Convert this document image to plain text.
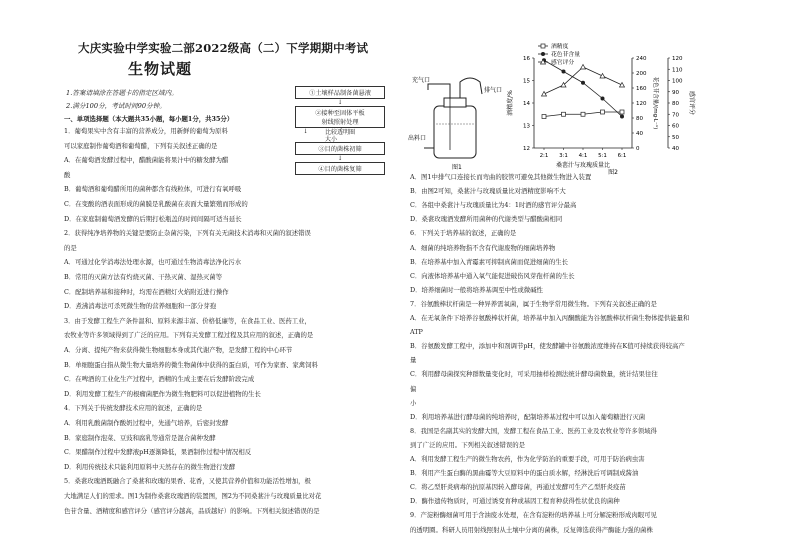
大庆实验中学实验二部2022级高（二）下学期期中考试
生物试题
1.答案请填涂在答题卡的指定区域内。
2.满分100分，考试时间90分钟。
①土壤样品制备菌悬液
↓
②接种至固体平板
射线照射处理
↓	比较透明圈
大小
③目的菌株初筛
↓
④目的菌株复筛
一、单项选择题（本大题共35小题，每小题1分，共35分）
1．葡萄果实中含有丰富的营养成分，用新鲜的葡萄为原料
可以家庭制作葡萄酒和葡萄醋，下列有关叙述正确的是
A．在葡萄酒发酵过程中，醋酸菌能将果汁中的糖发酵为醋
酸
B．葡萄酒和葡萄醋所用的菌种都含有线粒体，可进行有氧呼吸
C．在变酸的酒表面形成的菌膜是乳酸菌在表面大量繁殖而形成的
D．在家庭制葡萄酒发酵的后期打松瓶盖的时间间隔可适当延长
2．获得纯净培养物的关键是要防止杂菌污染，下列有关无菌技术消毒和灭菌的叙述错误
的是
A．可通过化学消毒法处理水源，也可通过生物消毒法净化污水
B．常用的灭菌方法有灼烧灭菌、干热灭菌、湿热灭菌等
C．配制培养基和接种时，均需在酒精灯火焰附近进行操作
D．煮沸消毒法可杀死微生物的营养细胞和一部分芽孢
3．由于发酵工程生产条件温和、原料来源丰富、价格低廉等，在食品工业、医药工业，
农牧业等许多领域得到了广泛的应用。下列有关发酵工程过程及其应用的叙述，正确的是
A．分离、提纯产物来获得微生物细胞本身或其代谢产物，是发酵工程的中心环节
B．单细胞蛋白指从微生物大量培养的微生物菌体中获得的蛋白质，可作为家畜、家禽饲料
C．在啤酒的工业化生产过程中，酒精的生成主要在后发酵阶段完成
D．利用发酵工程生产的根瘤菌肥作为微生物肥料可以促进植物的生长
4．下列关于传统发酵技术应用的叙述，正确的是
A．利用乳酸菌制作酸奶过程中，先通气培养，后密封发酵
B．家庭制作泡菜、豆豉和腐乳等通常是混合菌种发酵
C．果醋制作过程中发酵液pH逐渐降低，果酒制作过程中情况相反
D．利用传统技术只能利用原料中天然存在的微生物进行发酵
5．桑葚玫瑰酒既融合了桑葚和玫瑰的果香、花香，又使其营养价值和功能活性增加，极
大地满足人们的需求。图1为制作桑葚玫瑰酒的装置图，图2为不同桑葚汁与玫瑰质量比对花
色苷含量、酒精度和感官评分（感官评分越高，品质越好）的影响。下列相关叙述错误的是
充气口
排气口
出料口
图1
12
13
14
15
16
0
40
80
120
160
200
240
40
50
60
70
80
90
100
110
120
2:1 3:1 4:1 5:1 6:1
桑葚汁与玫瑰质量比
图2
酒精度/%	花色苷含量/(mg·L⁻¹)	感官评分
酒精度
花色苷含量
感官评分
A．图1中排气口连接长而弯曲的胶管可避免其他微生物进入装置
B．由图2可知，桑葚汁与玫瑰质量比对酒精度影响不大
C．各组中桑葚汁与玫瑰质量比为4：1时酒的感官评分最高
D．桑葚玫瑰酒发酵所用菌种的代谢类型与醋酸菌相同
6．下列关于培养基的叙述，正确的是
A．细菌的纯培养物指不含有代谢废物的细菌培养物
B．在培养基中加入青霉素可抑制真菌而促进细菌的生长
C．向液体培养基中通入氧气能促进破伤风芽孢杆菌的生长
D．培养细菌时一般将培养基调至中性或微碱性
7．谷氨酸棒状杆菌是一种异养需氧菌，属于生物学常用微生物。下列有关叙述正确的是
A．在无氧条件下培养谷氨酸棒状杆菌，培养基中加入丙酮酸能为谷氨酸棒状杆菌生物体提供能量和
ATP
B．谷氨酸发酵工程中，添加中和剂调节pH，使发酵罐中谷氨酸浓度维持在K值可持续获得较高产
量
C．利用酵母菌探究种群数量变化时，可采用抽样检测法统计酵母菌数量，统计结果往往
偏
小
D．利用培养基进行酵母菌的纯培养时，配制培养基过程中可以加入葡萄糖进行灭菌
8．我国是名副其实的发酵大国，发酵工程在食品工业、医药工业及农牧业等许多领域得
到了广泛的应用。下列相关叙述错误的是
A．利用发酵工程生产的微生物农药，作为化学防治的重要手段，可用于防治病虫害
B．利用产生蛋白酶的黑曲霉等大豆原料中的蛋白质水解，经淋洗后可调制成酱油
C．将乙型肝炎病毒的抗原基因转入酵母菌，再通过发酵可生产乙型肝炎疫苗
D．酶作遗传物质时，可通过诱变育种或基因工程育种获得性状优良的菌种
9．产淀粉酶细菌可用于含油废水处理，在含有淀粉的培养基上可分解淀粉形成肉眼可见
的透明圈。科研人员用射线照射从土壤中分离的菌株，反复筛选获得产酶能力强的菌株
